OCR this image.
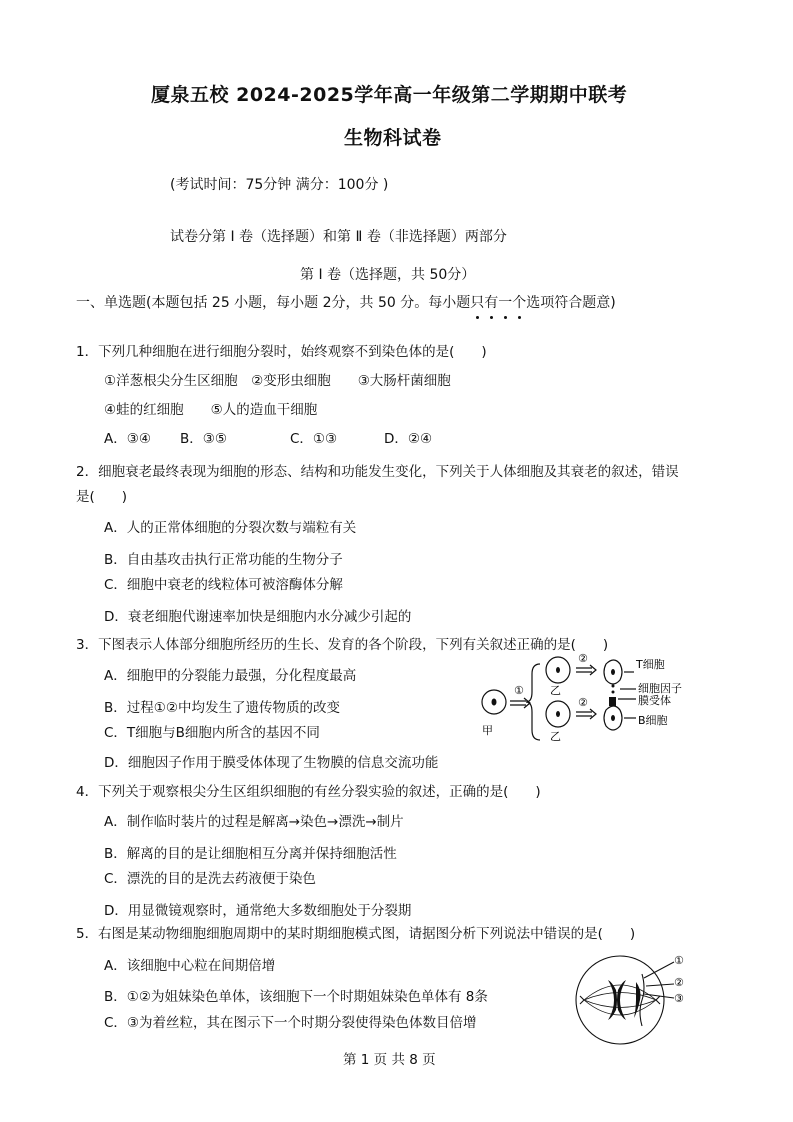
厦泉五校 2024-2025学年高一年级第二学期期中联考
生物科试卷
(考试时间：75分钟 满分：100分 )
试卷分第 Ⅰ 卷（选择题）和第 Ⅱ 卷（非选择题）两部分
第 Ⅰ 卷（选择题，共 50分）
一、单选题(本题包括 25 小题，每小题 2分，共 50 分。每小题只有一个选项符合题意)
1．下列几种细胞在进行细胞分裂时，始终观察不到染色体的是(　　)
①洋葱根尖分生区细胞　②变形虫细胞　　③大肠杆菌细胞
④蛙的红细胞　　⑤人的造血干细胞
A．③④ B．③⑤	C．①③	D．②④
2．细胞衰老最终表现为细胞的形态、结构和功能发生变化，下列关于人体细胞及其衰老的叙述，错误
是(　　)
A．人的正常体细胞的分裂次数与端粒有关
B．自由基攻击执行正常功能的生物分子
C．细胞中衰老的线粒体可被溶酶体分解
D．衰老细胞代谢速率加快是细胞内水分减少引起的
3．下图表示人体部分细胞所经历的生长、发育的各个阶段，下列有关叙述正确的是(　　)
A．细胞甲的分裂能力最强，分化程度最高
B．过程①②中均发生了遗传物质的改变
C．T细胞与B细胞内所含的基因不同
D．细胞因子作用于膜受体体现了生物膜的信息交流功能
甲
① 乙
乙
②
②
T细胞
细胞因子
膜受体
B细胞
4．下列关于观察根尖分生区组织细胞的有丝分裂实验的叙述，正确的是(　　)
A．制作临时装片的过程是解离→染色→漂洗→制片
B．解离的目的是让细胞相互分离并保持细胞活性
C．漂洗的目的是洗去药液便于染色
D．用显微镜观察时，通常绝大多数细胞处于分裂期
5．右图是某动物细胞细胞周期中的某时期细胞模式图，请据图分析下列说法中错误的是(　　)
A．该细胞中心粒在间期倍增
B．①②为姐妹染色单体，该细胞下一个时期姐妹染色单体有 8条
C．③为着丝粒，其在图示下一个时期分裂使得染色体数目倍增
①
②
③
第 1 页 共 8 页
